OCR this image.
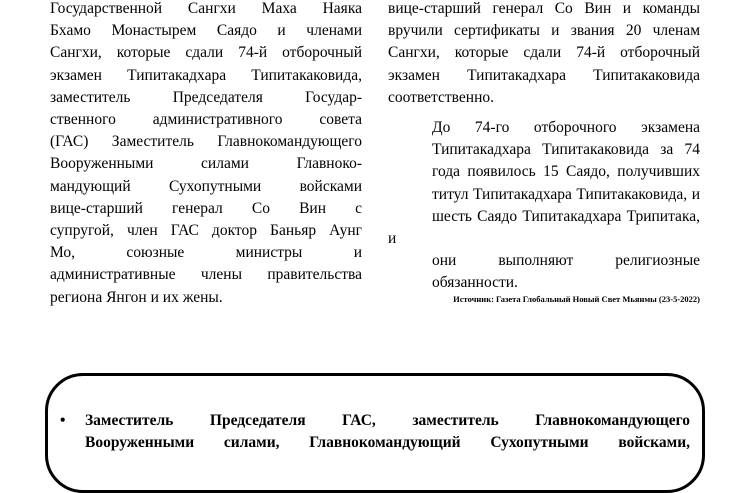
Государственной Сангхи Маха Наяка
Бхамо Монастырем Саядо и членами
Сангхи, которые сдали 74-й отборочный
экзамен Типитакадхара Типитакаковида,
заместитель Председателя Государ-
ственного административного совета
(ГАС) Заместитель Главнокомандующего
Вооруженными силами Главноко-
мандующий Сухопутными войсками
вице-старший генерал Со Вин с
супругой, член ГАС доктор Баньяр Аунг
Мо, союзные министры и
административные члены правительства
региона Янгон и их жены.
вице-старший генерал Со Вин и команды
вручили сертификаты и звания 20 членам
Сангхи, которые сдали 74-й отборочный
экзамен Типитакадхара Типитакаковида
соответственно.
До 74-го отборочного экзамена
Типитакадхара Типитакаковида за 74
года появилось 15 Саядо, получивших
титул Типитакадхара Типитакаковида, и
шесть Саядо Типитакадхара Трипитака, и
они выполняют религиозные
обязанности.
Источник: Газета Глобальный Новый Свет Мьянмы (23-5-2022)
• Заместитель Председателя ГАС, заместитель Главнокомандующего
Вооруженными силами, Главнокомандующий Сухопутными войсками,
